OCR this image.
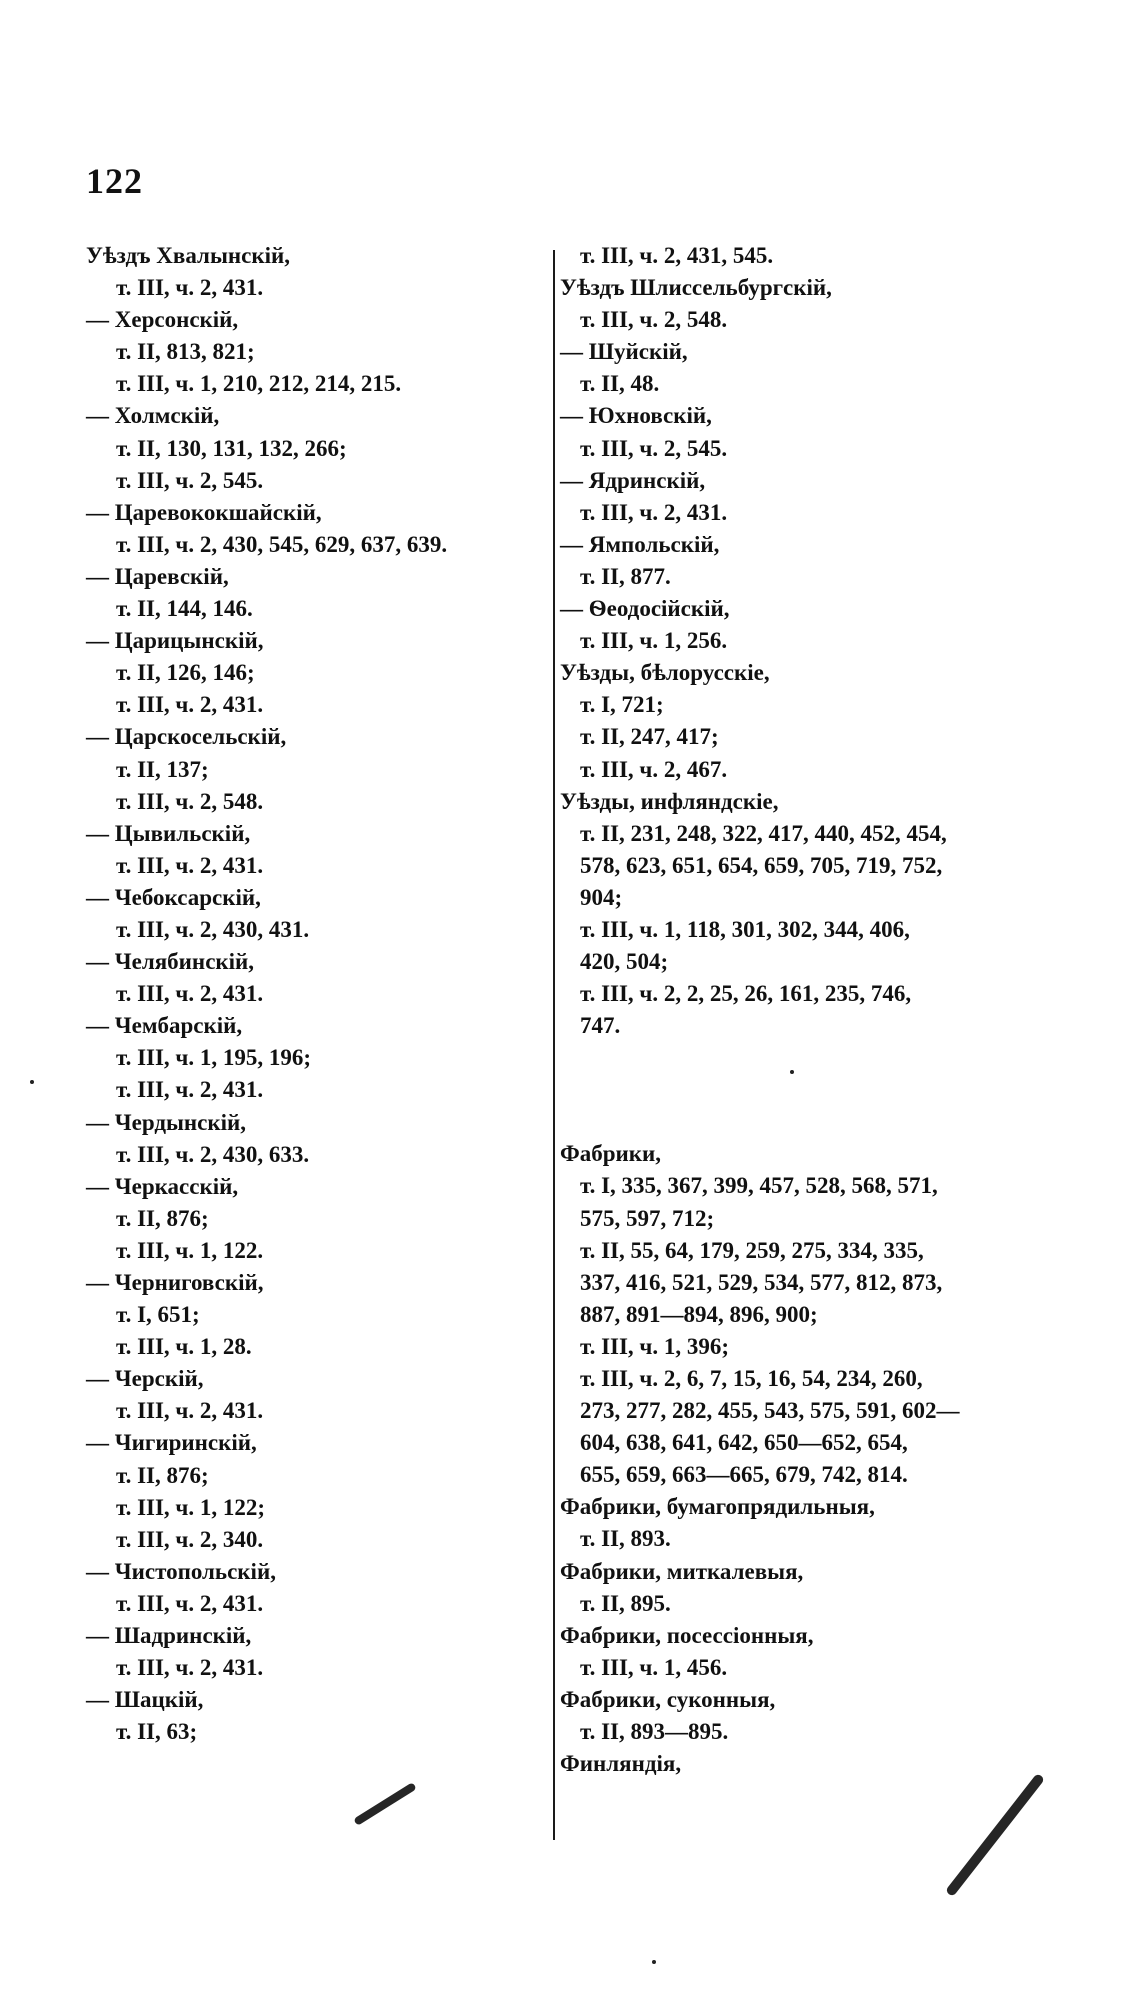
122
Уѣздъ Хвалынскій,
т. III, ч. 2, 431.
— Херсонскій,
т. II, 813, 821;
т. III, ч. 1, 210, 212, 214, 215.
— Холмскій,
т. II, 130, 131, 132, 266;
т. III, ч. 2, 545.
— Царевококшайскій,
т. III, ч. 2, 430, 545, 629, 637, 639.
— Царевскій,
т. II, 144, 146.
— Царицынскій,
т. II, 126, 146;
т. III, ч. 2, 431.
— Царскосельскій,
т. II, 137;
т. III, ч. 2, 548.
— Цывильскій,
т. III, ч. 2, 431.
— Чебоксарскій,
т. III, ч. 2, 430, 431.
— Челябинскій,
т. III, ч. 2, 431.
— Чембарскій,
т. III, ч. 1, 195, 196;
т. III, ч. 2, 431.
— Чердынскій,
т. III, ч. 2, 430, 633.
— Черкасскій,
т. II, 876;
т. III, ч. 1, 122.
— Черниговскій,
т. I, 651;
т. III, ч. 1, 28.
— Черскій,
т. III, ч. 2, 431.
— Чигиринскій,
т. II, 876;
т. III, ч. 1, 122;
т. III, ч. 2, 340.
— Чистопольскій,
т. III, ч. 2, 431.
— Шадринскій,
т. III, ч. 2, 431.
— Шацкій,
т. II, 63;
т. III, ч. 2, 431, 545.
Уѣздъ Шлиссельбургскій,
т. III, ч. 2, 548.
— Шуйскій,
т. II, 48.
— Юхновскій,
т. III, ч. 2, 545.
— Ядринскій,
т. III, ч. 2, 431.
— Ямпольскій,
т. II, 877.
— Ѳеодосійскій,
т. III, ч. 1, 256.
Уѣзды, бѣлорусскіе,
т. I, 721;
т. II, 247, 417;
т. III, ч. 2, 467.
Уѣзды, инфляндскіе,
т. II, 231, 248, 322, 417, 440, 452, 454,
578, 623, 651, 654, 659, 705, 719, 752,
904;
т. III, ч. 1, 118, 301, 302, 344, 406,
420, 504;
т. III, ч. 2, 2, 25, 26, 161, 235, 746,
747.
Фабрики,
т. I, 335, 367, 399, 457, 528, 568, 571,
575, 597, 712;
т. II, 55, 64, 179, 259, 275, 334, 335,
337, 416, 521, 529, 534, 577, 812, 873,
887, 891—894, 896, 900;
т. III, ч. 1, 396;
т. III, ч. 2, 6, 7, 15, 16, 54, 234, 260,
273, 277, 282, 455, 543, 575, 591, 602—
604, 638, 641, 642, 650—652, 654,
655, 659, 663—665, 679, 742, 814.
Фабрики, бумагопрядильныя,
т. II, 893.
Фабрики, миткалевыя,
т. II, 895.
Фабрики, посессіонныя,
т. III, ч. 1, 456.
Фабрики, суконныя,
т. II, 893—895.
Финляндія,
